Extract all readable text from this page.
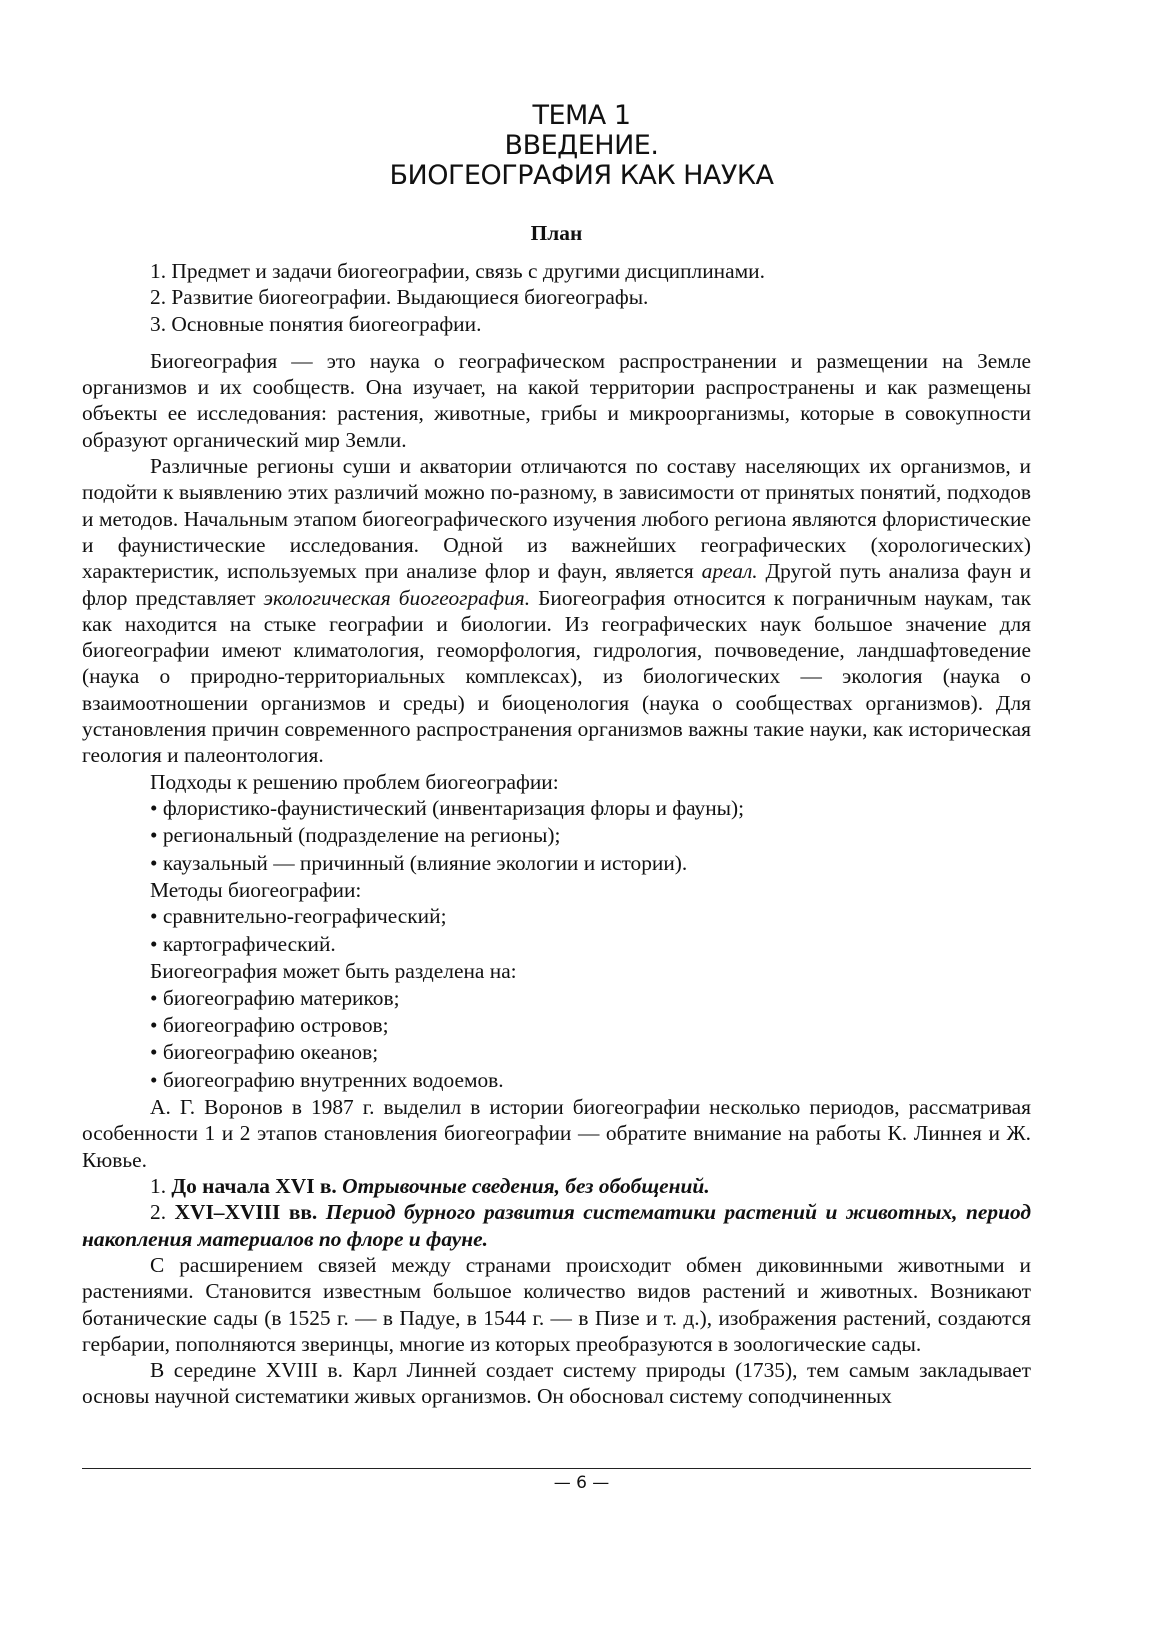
ТЕМА 1
ВВЕДЕНИЕ.
БИОГЕОГРАФИЯ КАК НАУКА
План
1. Предмет и задачи биогеографии, связь с другими дисциплинами.
2. Развитие биогеографии. Выдающиеся биогеографы.
3. Основные понятия биогеографии.

Биогеография — это наука о географическом распространении и размещении на Земле организмов и их сообществ. Она изучает, на какой территории распространены и как размещены объекты ее исследования: растения, животные, грибы и микроорганизмы, которые в совокупности образуют органический мир Земли.

Различные регионы суши и акватории отличаются по составу населяющих их организмов, и подойти к выявлению этих различий можно по-разному, в зависимости от принятых понятий, подходов и методов. Начальным этапом биогеографического изучения любого региона являются флористические и фаунистические исследования. Одной из важнейших географических (хорологических) характеристик, используемых при анализе флор и фаун, является ареал. Другой путь анализа фаун и флор представляет экологическая биогеография. Биогеография относится к пограничным наукам, так как находится на стыке географии и биологии. Из географических наук большое значение для биогеографии имеют климатология, геоморфология, гидрология, почвоведение, ландшафтоведение (наука о природно-территориальных комплексах), из биологических — экология (наука о взаимоотношении организмов и среды) и биоценология (наука о сообществах организмов). Для установления причин современного распространения организмов важны такие науки, как историческая геология и палеонтология.

Подходы к решению проблем биогеографии:
• флористико-фаунистический (инвентаризация флоры и фауны);
• региональный (подразделение на регионы);
• каузальный — причинный (влияние экологии и истории).
Методы биогеографии:
• сравнительно-географический;
• картографический.
Биогеография может быть разделена на:
• биогеографию материков;
• биогеографию островов;
• биогеографию океанов;
• биогеографию внутренних водоемов.

А. Г. Воронов в 1987 г. выделил в истории биогеографии несколько периодов, рассматривая особенности 1 и 2 этапов становления биогеографии — обратите внимание на работы К. Линнея и Ж. Кювье.

1. До начала XVI в. Отрывочные сведения, без обобщений.

2. XVI–XVIII вв. Период бурного развития систематики растений и животных, период накопления материалов по флоре и фауне.

С расширением связей между странами происходит обмен диковинными животными и растениями. Становится известным большое количество видов растений и животных. Возникают ботанические сады (в 1525 г. — в Падуе, в 1544 г. — в Пизе и т. д.), изображения растений, создаются гербарии, пополняются зверинцы, многие из которых преобразуются в зоологические сады.

В середине XVIII в. Карл Линней создает систему природы (1735), тем самым закладывает основы научной систематики живых организмов. Он обосновал систему соподчиненных

— 6 —
